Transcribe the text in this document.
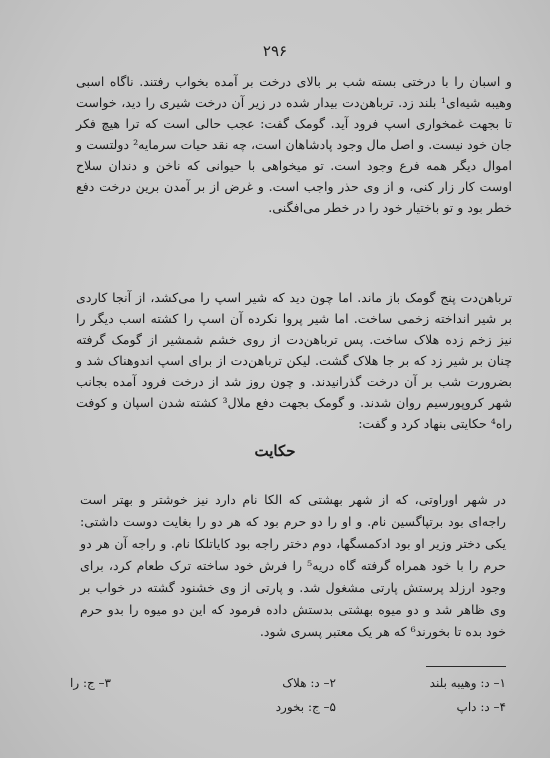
۲۹۶

و اسبان را با درختی بسته شب بر بالای درخت بر آمده بخواب رفتند. ناگاه اسبی وهیبه شیه‌ای¹ بلند زد. ترباهن‌دت بیدار شده در زیر آن درخت شیری را دید، خواست تا بجهت غمخواری اسپ فرود آید. گومک گفت: عجب حالی است که ترا هیچ فکر جان خود نیست. و اصل مال وجود پادشاهان است، چه نقد حیات سرمایه² دولتست و اموال دیگر همه فرع وجود است. تو میخواهی با حیوانی که ناخن و دندان سلاح اوست کار زار کنی، و از وی حذر واجب است. و غرض از بر آمدن برین درخت دفع خطر بود و تو باختیار خود را در خطر می‌افگنی.

ترباهن‌دت پنج گومک باز ماند. اما چون دید که شیر اسپ را می‌کشد، از آنجا کاردی بر شیر انداخته زخمی ساخت. اما شیر پروا نکرده آن اسپ را کشته اسب دیگر را نیز زخم زده هلاک ساخت. پس ترباهن‌دت از روی خشم شمشیر از گومک گرفته چنان بر شیر زد که بر جا هلاک گشت. لیکن ترباهن‌دت از برای اسپ اندوهناک شد و بضرورت شب بر آن درخت گذرانیدند. و چون روز شد از درخت فرود آمده بجانب شهر کروپورسیم روان شدند. و گومک بجهت دفع ملال³ کشته شدن اسپان و کوفت راه⁴ حکایتی بنهاد کرد و گفت:

حکایت

در شهر اوراوتی، که از شهر بهشتی که الکا نام دارد نیز خوشتر و بهتر است راجه‌ای بود برتپاگسین نام. و او را دو حرم بود که هر دو را بغایت دوست داشتی: یکی دختر وزیر او بود ادکمسگها، دوم دختر راجه بود کایاتلکا نام. و راجه آن هر دو حرم را با خود همراه گرفته گاه دریه⁵ را فرش خود ساخته ترک طعام کرد، برای وجود ارزلد پرستش پارتی مشغول شد. و پارتی از وی خشنود گشته در خواب بر وی ظاهر شد و دو میوه بهشتی بدستش داده فرمود که این دو میوه را بدو حرم خود بده تا بخورند⁶ که هر یک معتبر پسری شود.

۱– د: وهیبه بلند
۲– د: هلاک
۳– ج: را
۴– د: داپ
۵– ج: بخورد
